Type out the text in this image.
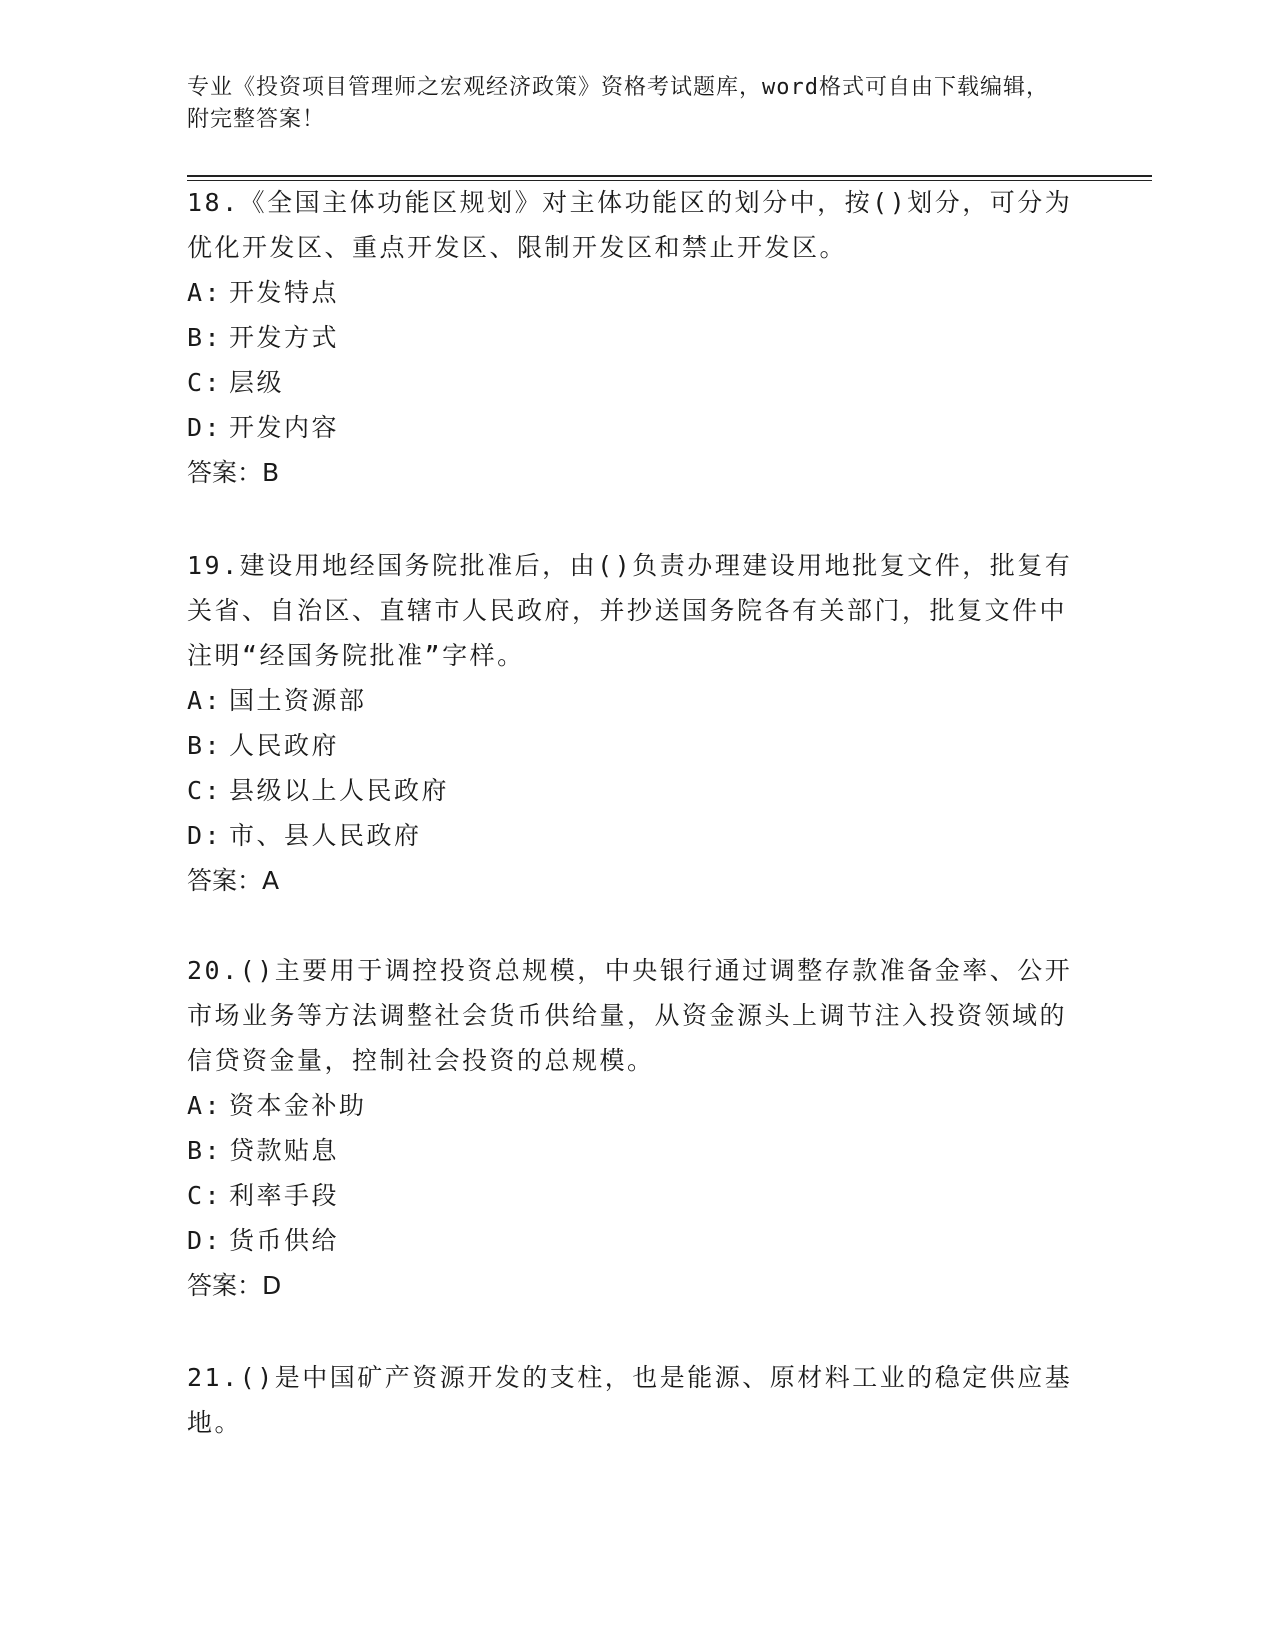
专业《投资项目管理师之宏观经济政策》资格考试题库，word格式可自由下载编辑，附完整答案！

18.《全国主体功能区规划》对主体功能区的划分中，按()划分，可分为优化开发区、重点开发区、限制开发区和禁止开发区。

A: 开发特点

B: 开发方式

C: 层级

D: 开发内容

答案：B

19.建设用地经国务院批准后，由()负责办理建设用地批复文件，批复有关省、自治区、直辖市人民政府，并抄送国务院各有关部门，批复文件中注明“经国务院批准”字样。

A: 国土资源部

B: 人民政府

C: 县级以上人民政府

D: 市、县人民政府

答案：A

20.()主要用于调控投资总规模，中央银行通过调整存款准备金率、公开市场业务等方法调整社会货币供给量，从资金源头上调节注入投资领域的信贷资金量，控制社会投资的总规模。

A: 资本金补助

B: 贷款贴息

C: 利率手段

D: 货币供给

答案：D

21.()是中国矿产资源开发的支柱，也是能源、原材料工业的稳定供应基地。
